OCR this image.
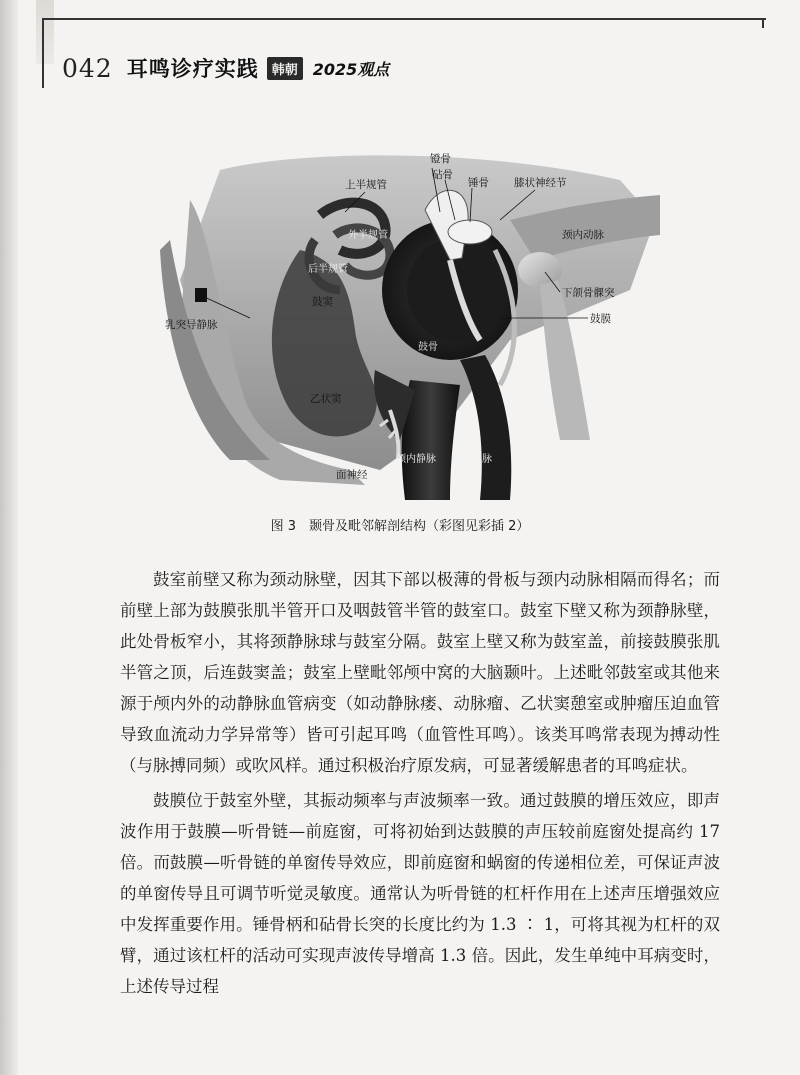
042 耳鸣诊疗实践	韩朝 2025观点
镫骨
砧骨
锤骨
上半规管	膝状神经节
颈内动脉
外半规管
后半规管
下颌骨髁突
乳突导静脉
鼓窦
鼓膜
鼓骨
乙状窦
面神经
颈内静脉 颈内动脉
图 3　颞骨及毗邻解剖结构（彩图见彩插 2）

鼓室前壁又称为颈动脉壁，因其下部以极薄的骨板与颈内动脉相隔而得名；而前壁上部为鼓膜张肌半管开口及咽鼓管半管的鼓室口。鼓室下壁又称为颈静脉壁，此处骨板窄小，其将颈静脉球与鼓室分隔。鼓室上壁又称为鼓室盖，前接鼓膜张肌半管之顶，后连鼓窦盖；鼓室上壁毗邻颅中窝的大脑颞叶。上述毗邻鼓室或其他来源于颅内外的动静脉血管病变（如动静脉瘘、动脉瘤、乙状窦憩室或肿瘤压迫血管导致血流动力学异常等）皆可引起耳鸣（血管性耳鸣）。该类耳鸣常表现为搏动性（与脉搏同频）或吹风样。通过积极治疗原发病，可显著缓解患者的耳鸣症状。

鼓膜位于鼓室外壁，其振动频率与声波频率一致。通过鼓膜的增压效应，即声波作用于鼓膜—听骨链—前庭窗，可将初始到达鼓膜的声压较前庭窗处提高约 17 倍。而鼓膜—听骨链的单窗传导效应，即前庭窗和蜗窗的传递相位差，可保证声波的单窗传导且可调节听觉灵敏度。通常认为听骨链的杠杆作用在上述声压增强效应中发挥重要作用。锤骨柄和砧骨长突的长度比约为 1.3 ∶ 1，可将其视为杠杆的双臂，通过该杠杆的活动可实现声波传导增高 1.3 倍。因此，发生单纯中耳病变时，上述传导过程
